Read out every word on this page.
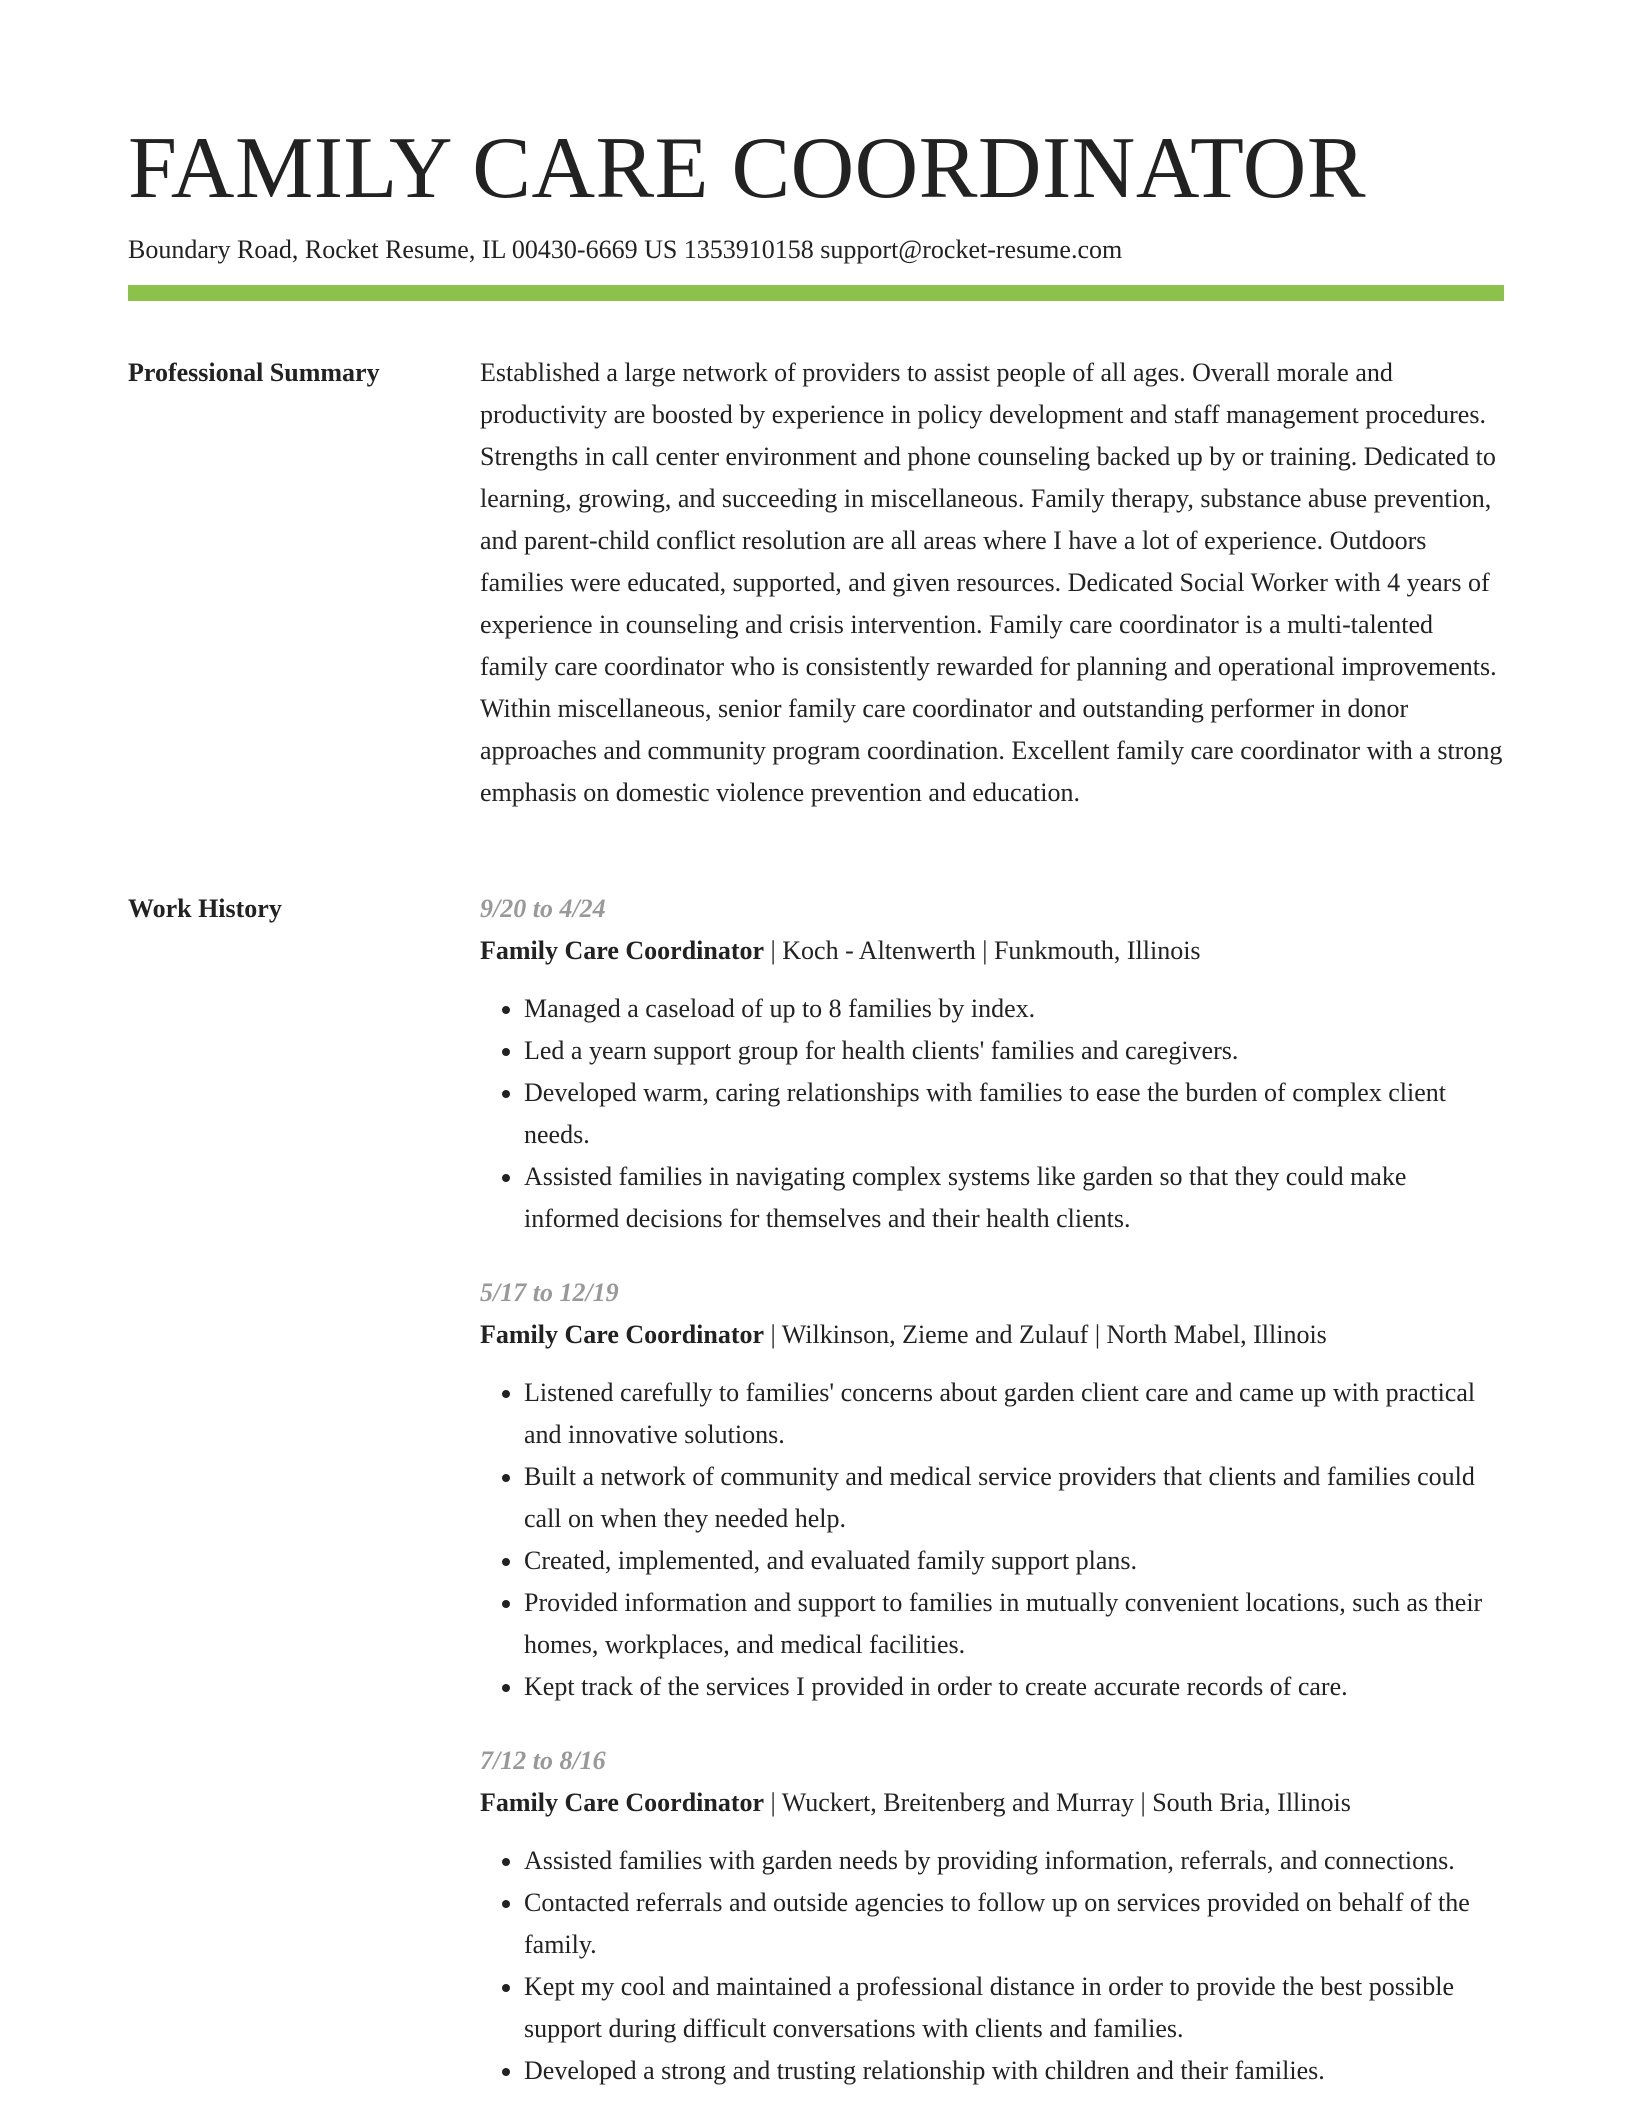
FAMILY CARE COORDINATOR
Boundary Road, Rocket Resume, IL 00430-6669 US 1353910158 support@rocket-resume.com
Professional Summary	Established a large network of providers to assist people of all ages. Overall morale and productivity are boosted by experience in policy development and staff management procedures. Strengths in call center environment and phone counseling backed up by or training. Dedicated to learning, growing, and succeeding in miscellaneous. Family therapy, substance abuse prevention, and parent-child conflict resolution are all areas where I have a lot of experience. Outdoors families were educated, supported, and given resources. Dedicated Social Worker with 4 years of experience in counseling and crisis intervention. Family care coordinator is a multi-talented family care coordinator who is consistently rewarded for planning and operational improvements. Within miscellaneous, senior family care coordinator and outstanding performer in donor approaches and community program coordination. Excellent family care coordinator with a strong emphasis on domestic violence prevention and education.

Work History	9/20 to 4/24
Family Care Coordinator | Koch - Altenwerth | Funkmouth, Illinois
• Managed a caseload of up to 8 families by index.
• Led a yearn support group for health clients' families and caregivers.
• Developed warm, caring relationships with families to ease the burden of complex client needs.
• Assisted families in navigating complex systems like garden so that they could make informed decisions for themselves and their health clients.
5/17 to 12/19
Family Care Coordinator | Wilkinson, Zieme and Zulauf | North Mabel, Illinois
• Listened carefully to families' concerns about garden client care and came up with practical and innovative solutions.
• Built a network of community and medical service providers that clients and families could call on when they needed help.
• Created, implemented, and evaluated family support plans.
• Provided information and support to families in mutually convenient locations, such as their homes, workplaces, and medical facilities.
• Kept track of the services I provided in order to create accurate records of care.
7/12 to 8/16
Family Care Coordinator | Wuckert, Breitenberg and Murray | South Bria, Illinois
• Assisted families with garden needs by providing information, referrals, and connections.
• Contacted referrals and outside agencies to follow up on services provided on behalf of the family.
• Kept my cool and maintained a professional distance in order to provide the best possible support during difficult conversations with clients and families.
• Developed a strong and trusting relationship with children and their families.
